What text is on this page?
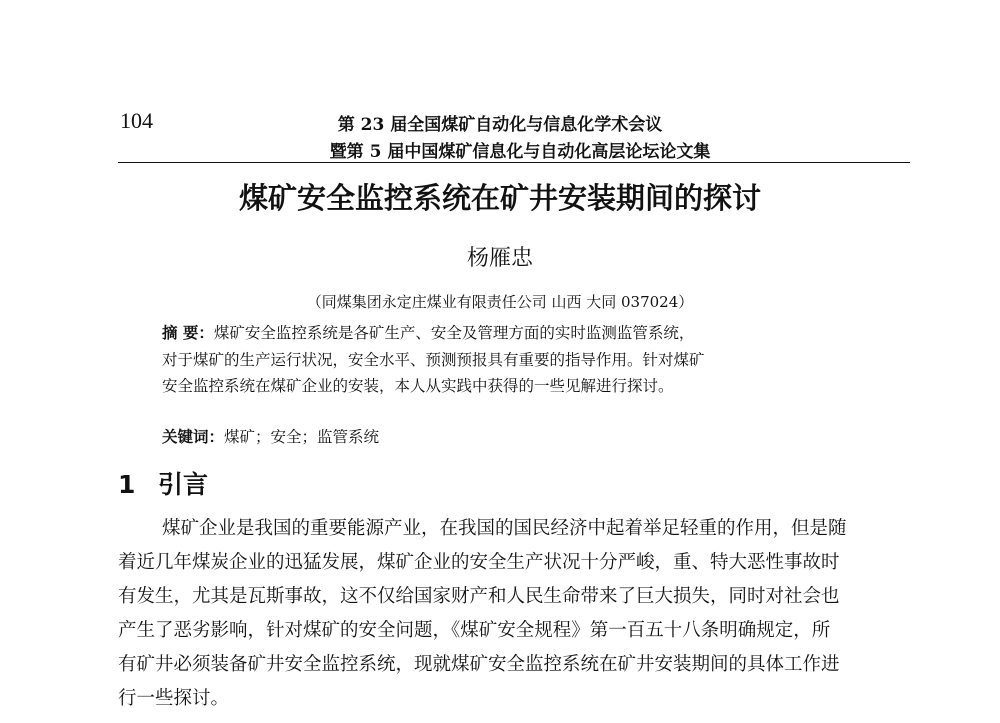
104	第 23 届全国煤矿自动化与信息化学术会议
暨第 5 届中国煤矿信息化与自动化高层论坛论文集
煤矿安全监控系统在矿井安装期间的探讨
杨雁忠
（同煤集团永定庄煤业有限责任公司 山西 大同 037024）
摘 要：煤矿安全监控系统是各矿生产、安全及管理方面的实时监测监管系统，
对于煤矿的生产运行状况，安全水平、预测预报具有重要的指导作用。针对煤矿
安全监控系统在煤矿企业的安装，本人从实践中获得的一些见解进行探讨。
关键词：煤矿；安全；监管系统
1 引言
煤矿企业是我国的重要能源产业，在我国的国民经济中起着举足轻重的作用，但是随
着近几年煤炭企业的迅猛发展，煤矿企业的安全生产状况十分严峻，重、特大恶性事故时
有发生，尤其是瓦斯事故，这不仅给国家财产和人民生命带来了巨大损失，同时对社会也
产生了恶劣影响，针对煤矿的安全问题，《煤矿安全规程》第一百五十八条明确规定，所
有矿井必须装备矿井安全监控系统，现就煤矿安全监控系统在矿井安装期间的具体工作进
行一些探讨。
